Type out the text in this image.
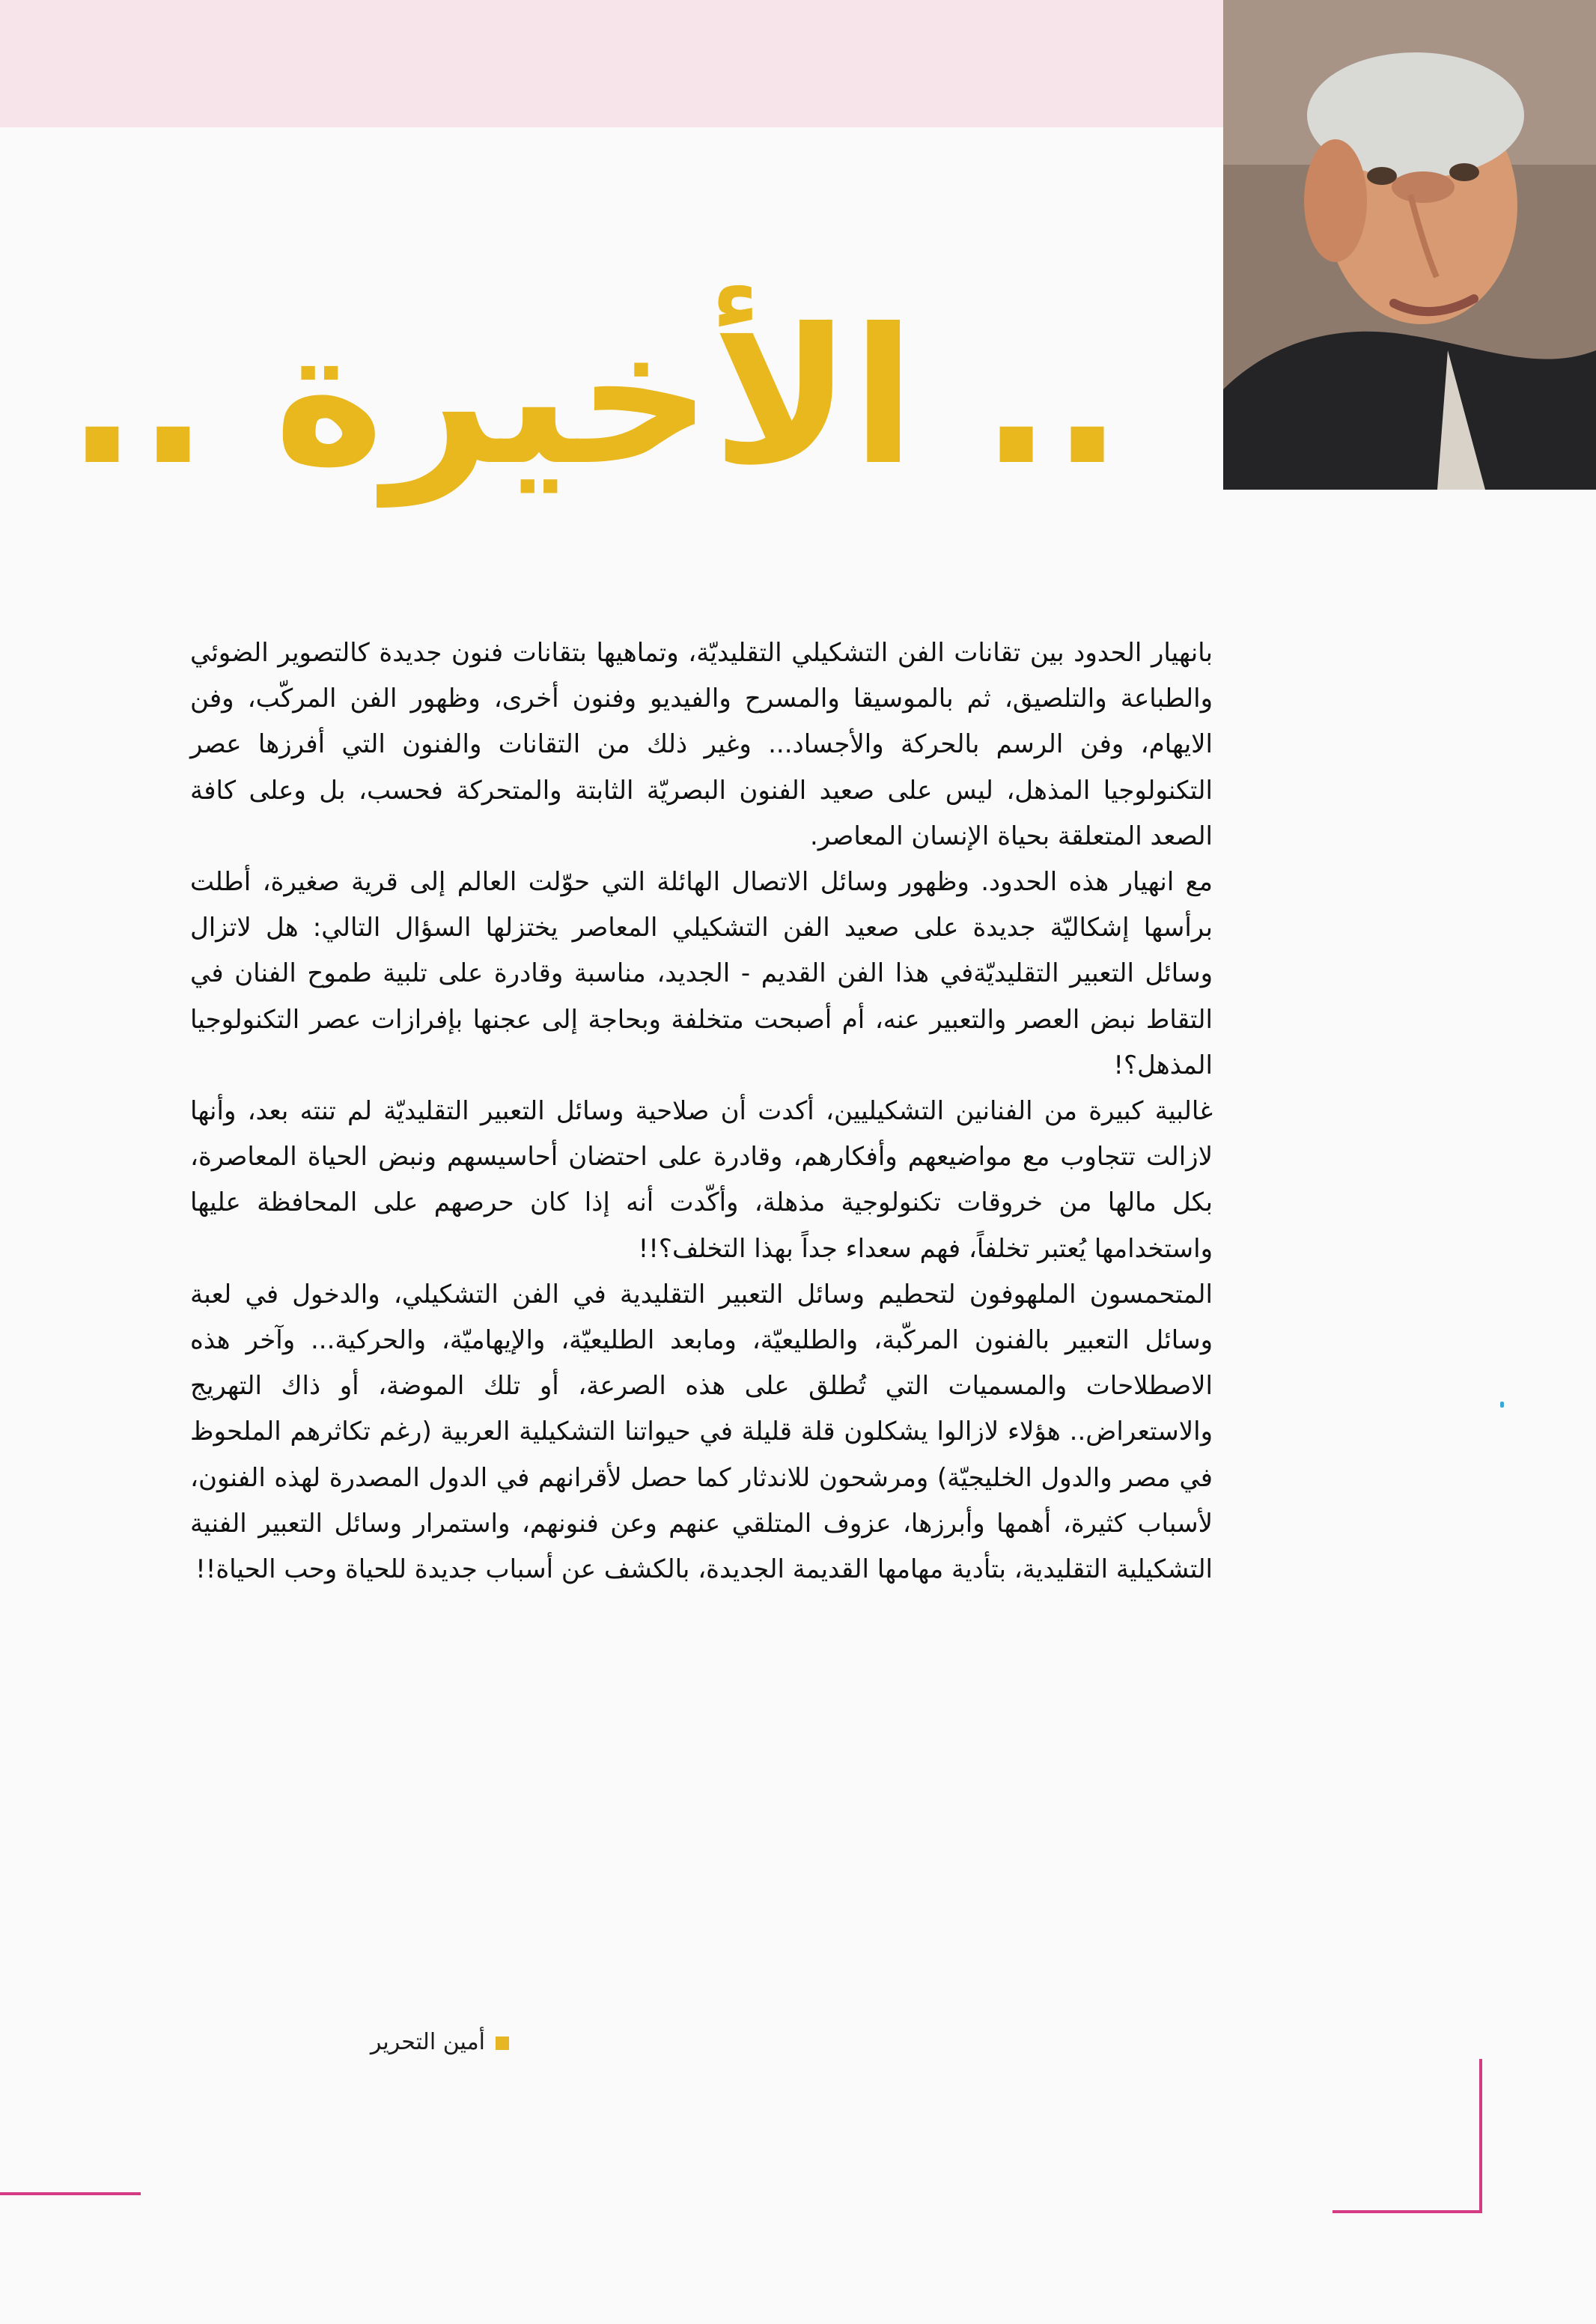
.. الأخيرة ..

بانهيار الحدود بين تقانات الفن التشكيلي التقليديّة، وتماهيها بتقانات فنون جديدة كالتصوير الضوئي والطباعة والتلصيق، ثم بالموسيقا والمسرح والفيديو وفنون أخرى، وظهور الفن المركّب، وفن الايهام، وفن الرسم بالحركة والأجساد... وغير ذلك من التقانات والفنون التي أفرزها عصر التكنولوجيا المذهل، ليس على صعيد الفنون البصريّة الثابتة والمتحركة فحسب، بل وعلى كافة الصعد المتعلقة بحياة الإنسان المعاصر.

مع انهيار هذه الحدود. وظهور وسائل الاتصال الهائلة التي حوّلت العالم إلى قرية صغيرة، أطلت برأسها إشكاليّة جديدة على صعيد الفن التشكيلي المعاصر يختزلها السؤال التالي: هل لاتزال وسائل التعبير التقليديّةفي هذا الفن القديم - الجديد، مناسبة وقادرة على تلبية طموح الفنان في التقاط نبض العصر والتعبير عنه، أم أصبحت متخلفة وبحاجة إلى عجنها بإفرازات عصر التكنولوجيا المذهل؟!

غالبية كبيرة من الفنانين التشكيليين، أكدت أن صلاحية وسائل التعبير التقليديّة لم تنته بعد، وأنها لازالت تتجاوب مع مواضيعهم وأفكارهم، وقادرة على احتضان أحاسيسهم ونبض الحياة المعاصرة، بكل مالها من خروقات تكنولوجية مذهلة، وأكّدت أنه إذا كان حرصهم على المحافظة عليها واستخدامها يُعتبر تخلفاً، فهم سعداء جداً بهذا التخلف؟!!

المتحمسون الملهوفون لتحطيم وسائل التعبير التقليدية في الفن التشكيلي، والدخول في لعبة وسائل التعبير بالفنون المركّبة، والطليعيّة، ومابعد الطليعيّة، والإيهاميّة، والحركية... وآخر هذه الاصطلاحات والمسميات التي تُطلق على هذه الصرعة، أو تلك الموضة، أو ذاك التهريج والاستعراض.. هؤلاء لازالوا يشكلون قلة قليلة في حيواتنا التشكيلية العربية (رغم تكاثرهم الملحوظ في مصر والدول الخليجيّة) ومرشحون للاندثار كما حصل لأقرانهم في الدول المصدرة لهذه الفنون، لأسباب كثيرة، أهمها وأبرزها، عزوف المتلقي عنهم وعن فنونهم، واستمرار وسائل التعبير الفنية التشكيلية التقليدية، بتأدية مهامها القديمة الجديدة، بالكشف عن أسباب جديدة للحياة وحب الحياة!!

أمين التحرير
